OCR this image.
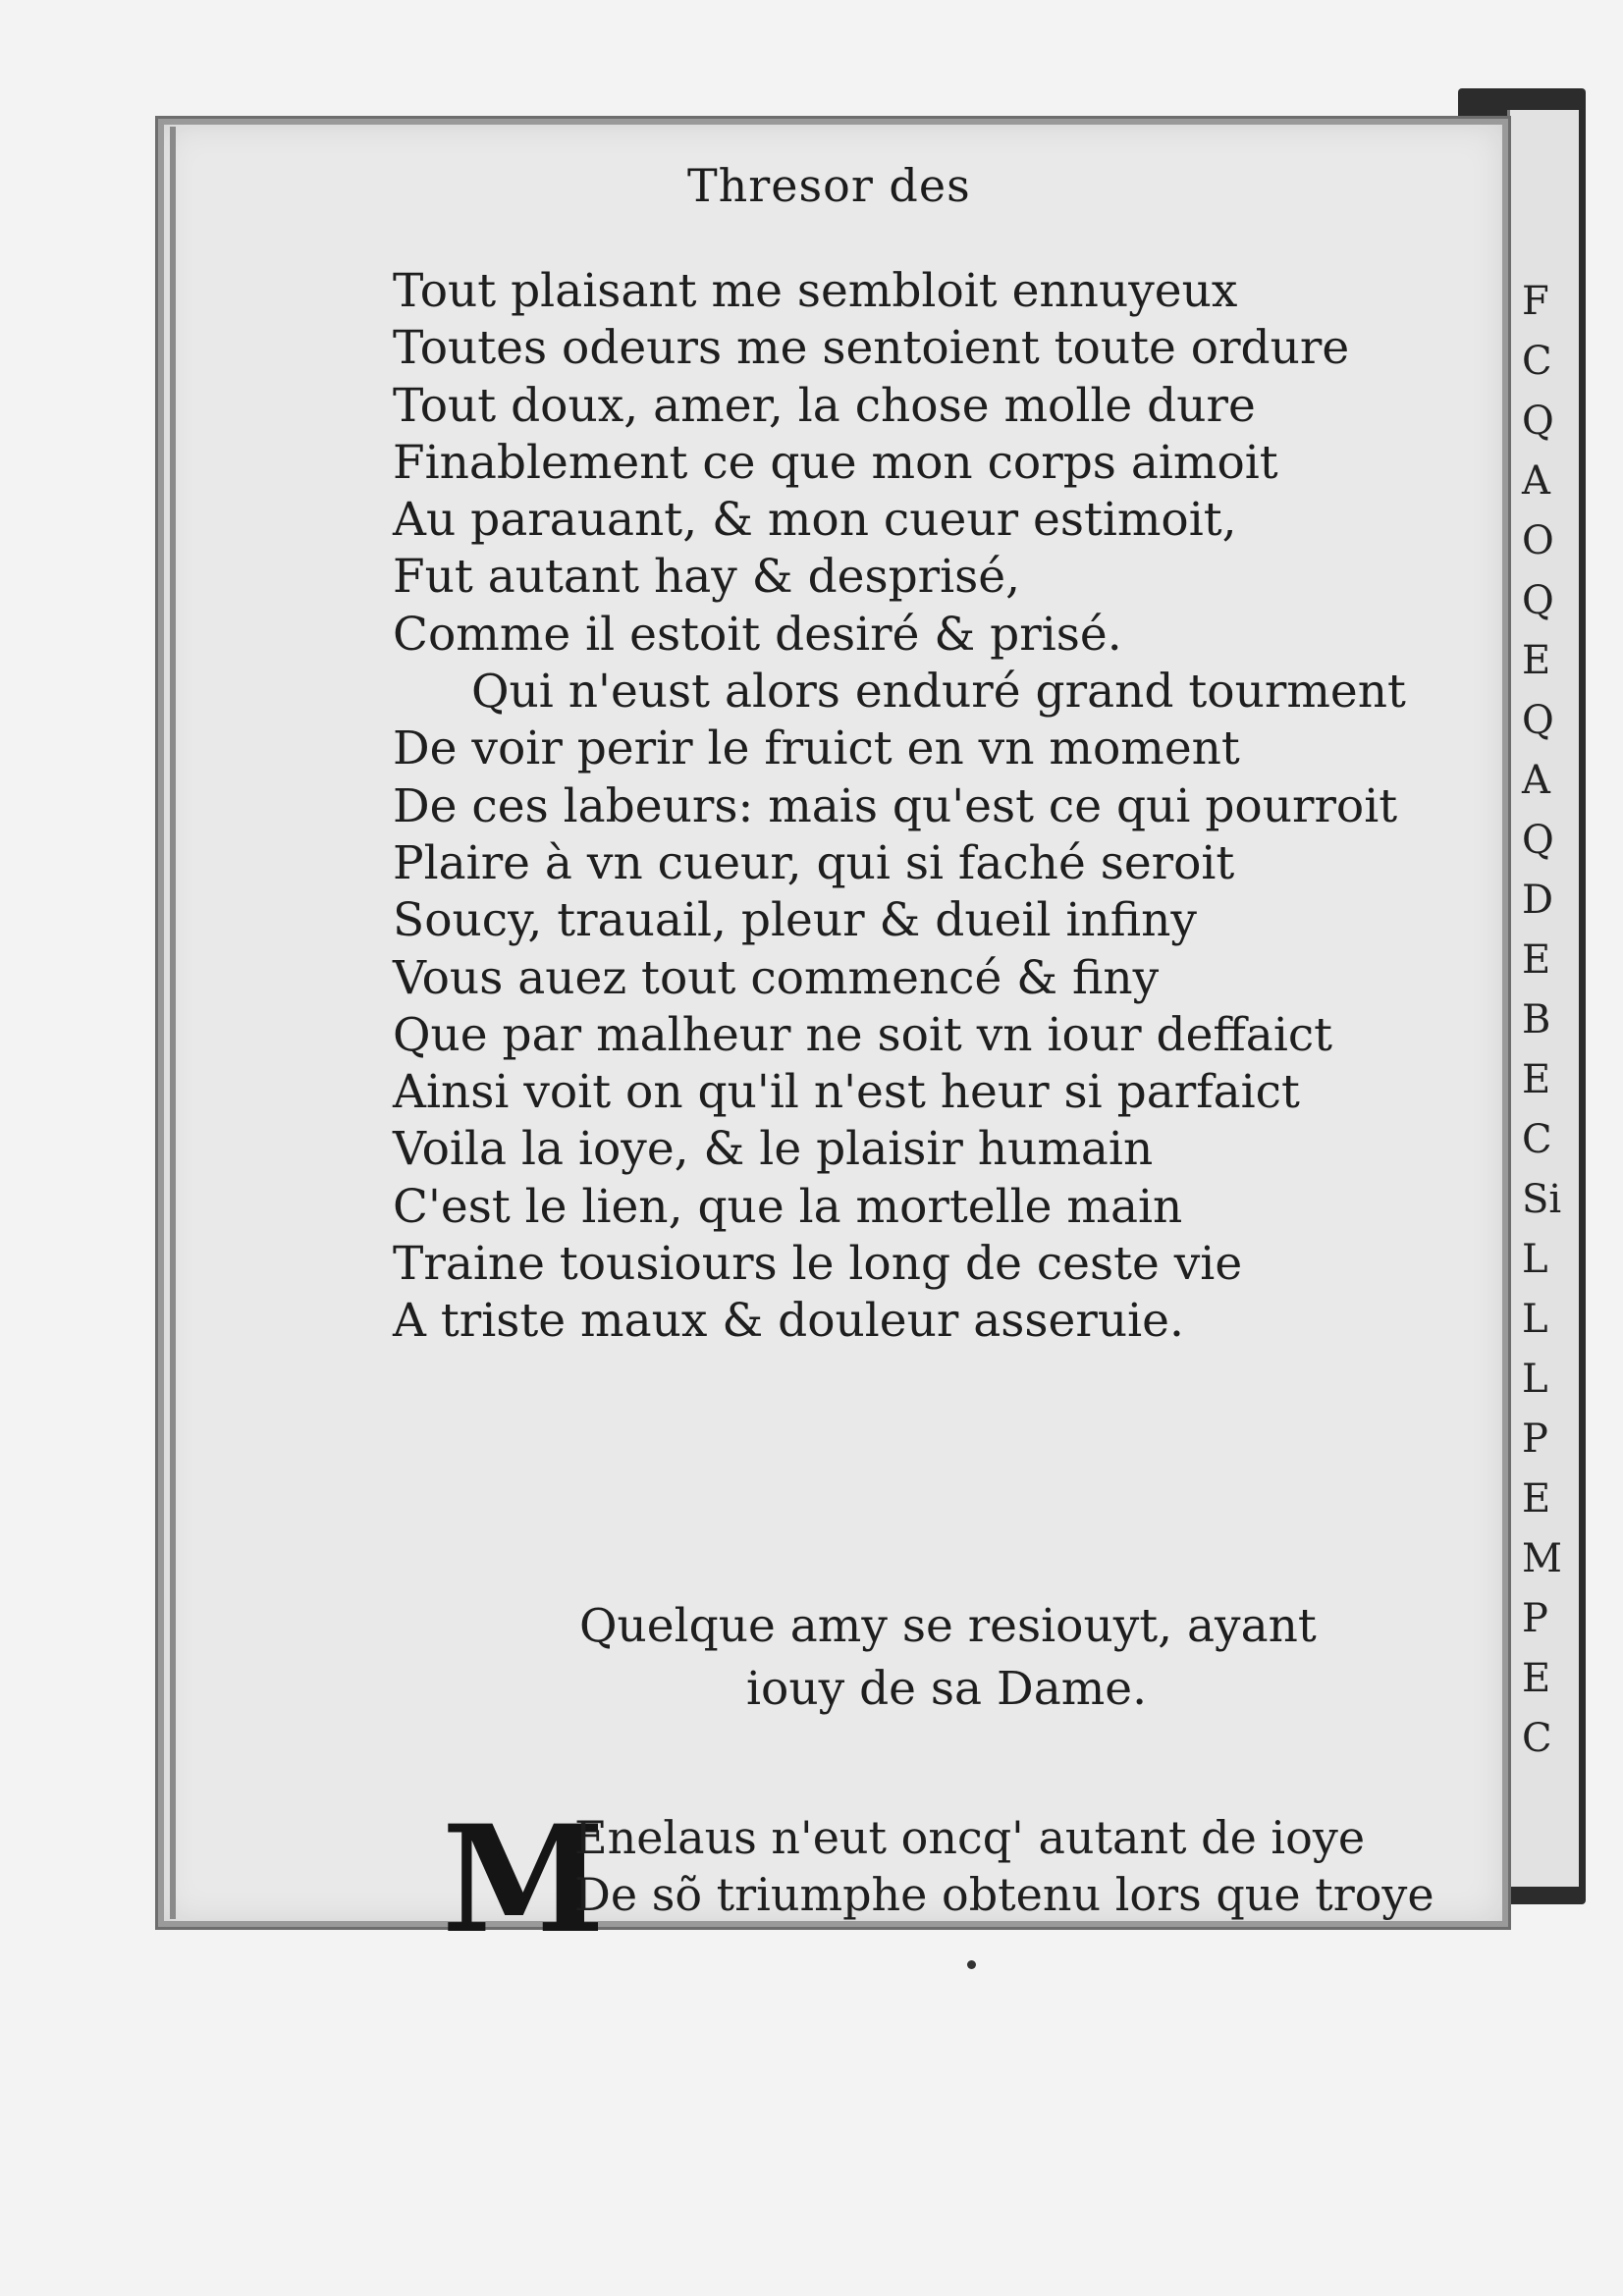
F
C
Q
A
O
Q
E
Q
A
Q
D
E
B
E
C
Si
L
L
L
P
E
M
P
E
C
Thresor des
Tout plaisant me sembloit ennuyeux
Toutes odeurs me sentoient toute ordure
Tout doux, amer, la chose molle dure
Finablement ce que mon corps aimoit
Au parauant, & mon cueur estimoit,
Fut autant hay & desprisé,
Comme il estoit desiré & prisé.
Qui n'eust alors enduré grand tourment
De voir perir le fruict en vn moment
De ces labeurs: mais qu'est ce qui pourroit
Plaire à vn cueur, qui si faché seroit
Soucy, trauail, pleur & dueil infiny
Vous auez tout commencé & finy
Que par malheur ne soit vn iour deffaict
Ainsi voit on qu'il n'est heur si parfaict
Voila la ioye, & le plaisir humain
C'est le lien, que la mortelle main
Traine tousiours le long de ceste vie
A triste maux & douleur asseruie.
Quelque amy se resiouyt, ayant
iouy de sa Dame.
M
Enelaus n'eut oncq' autant de ioye
De sõ triumphe obtenu lors que troye
